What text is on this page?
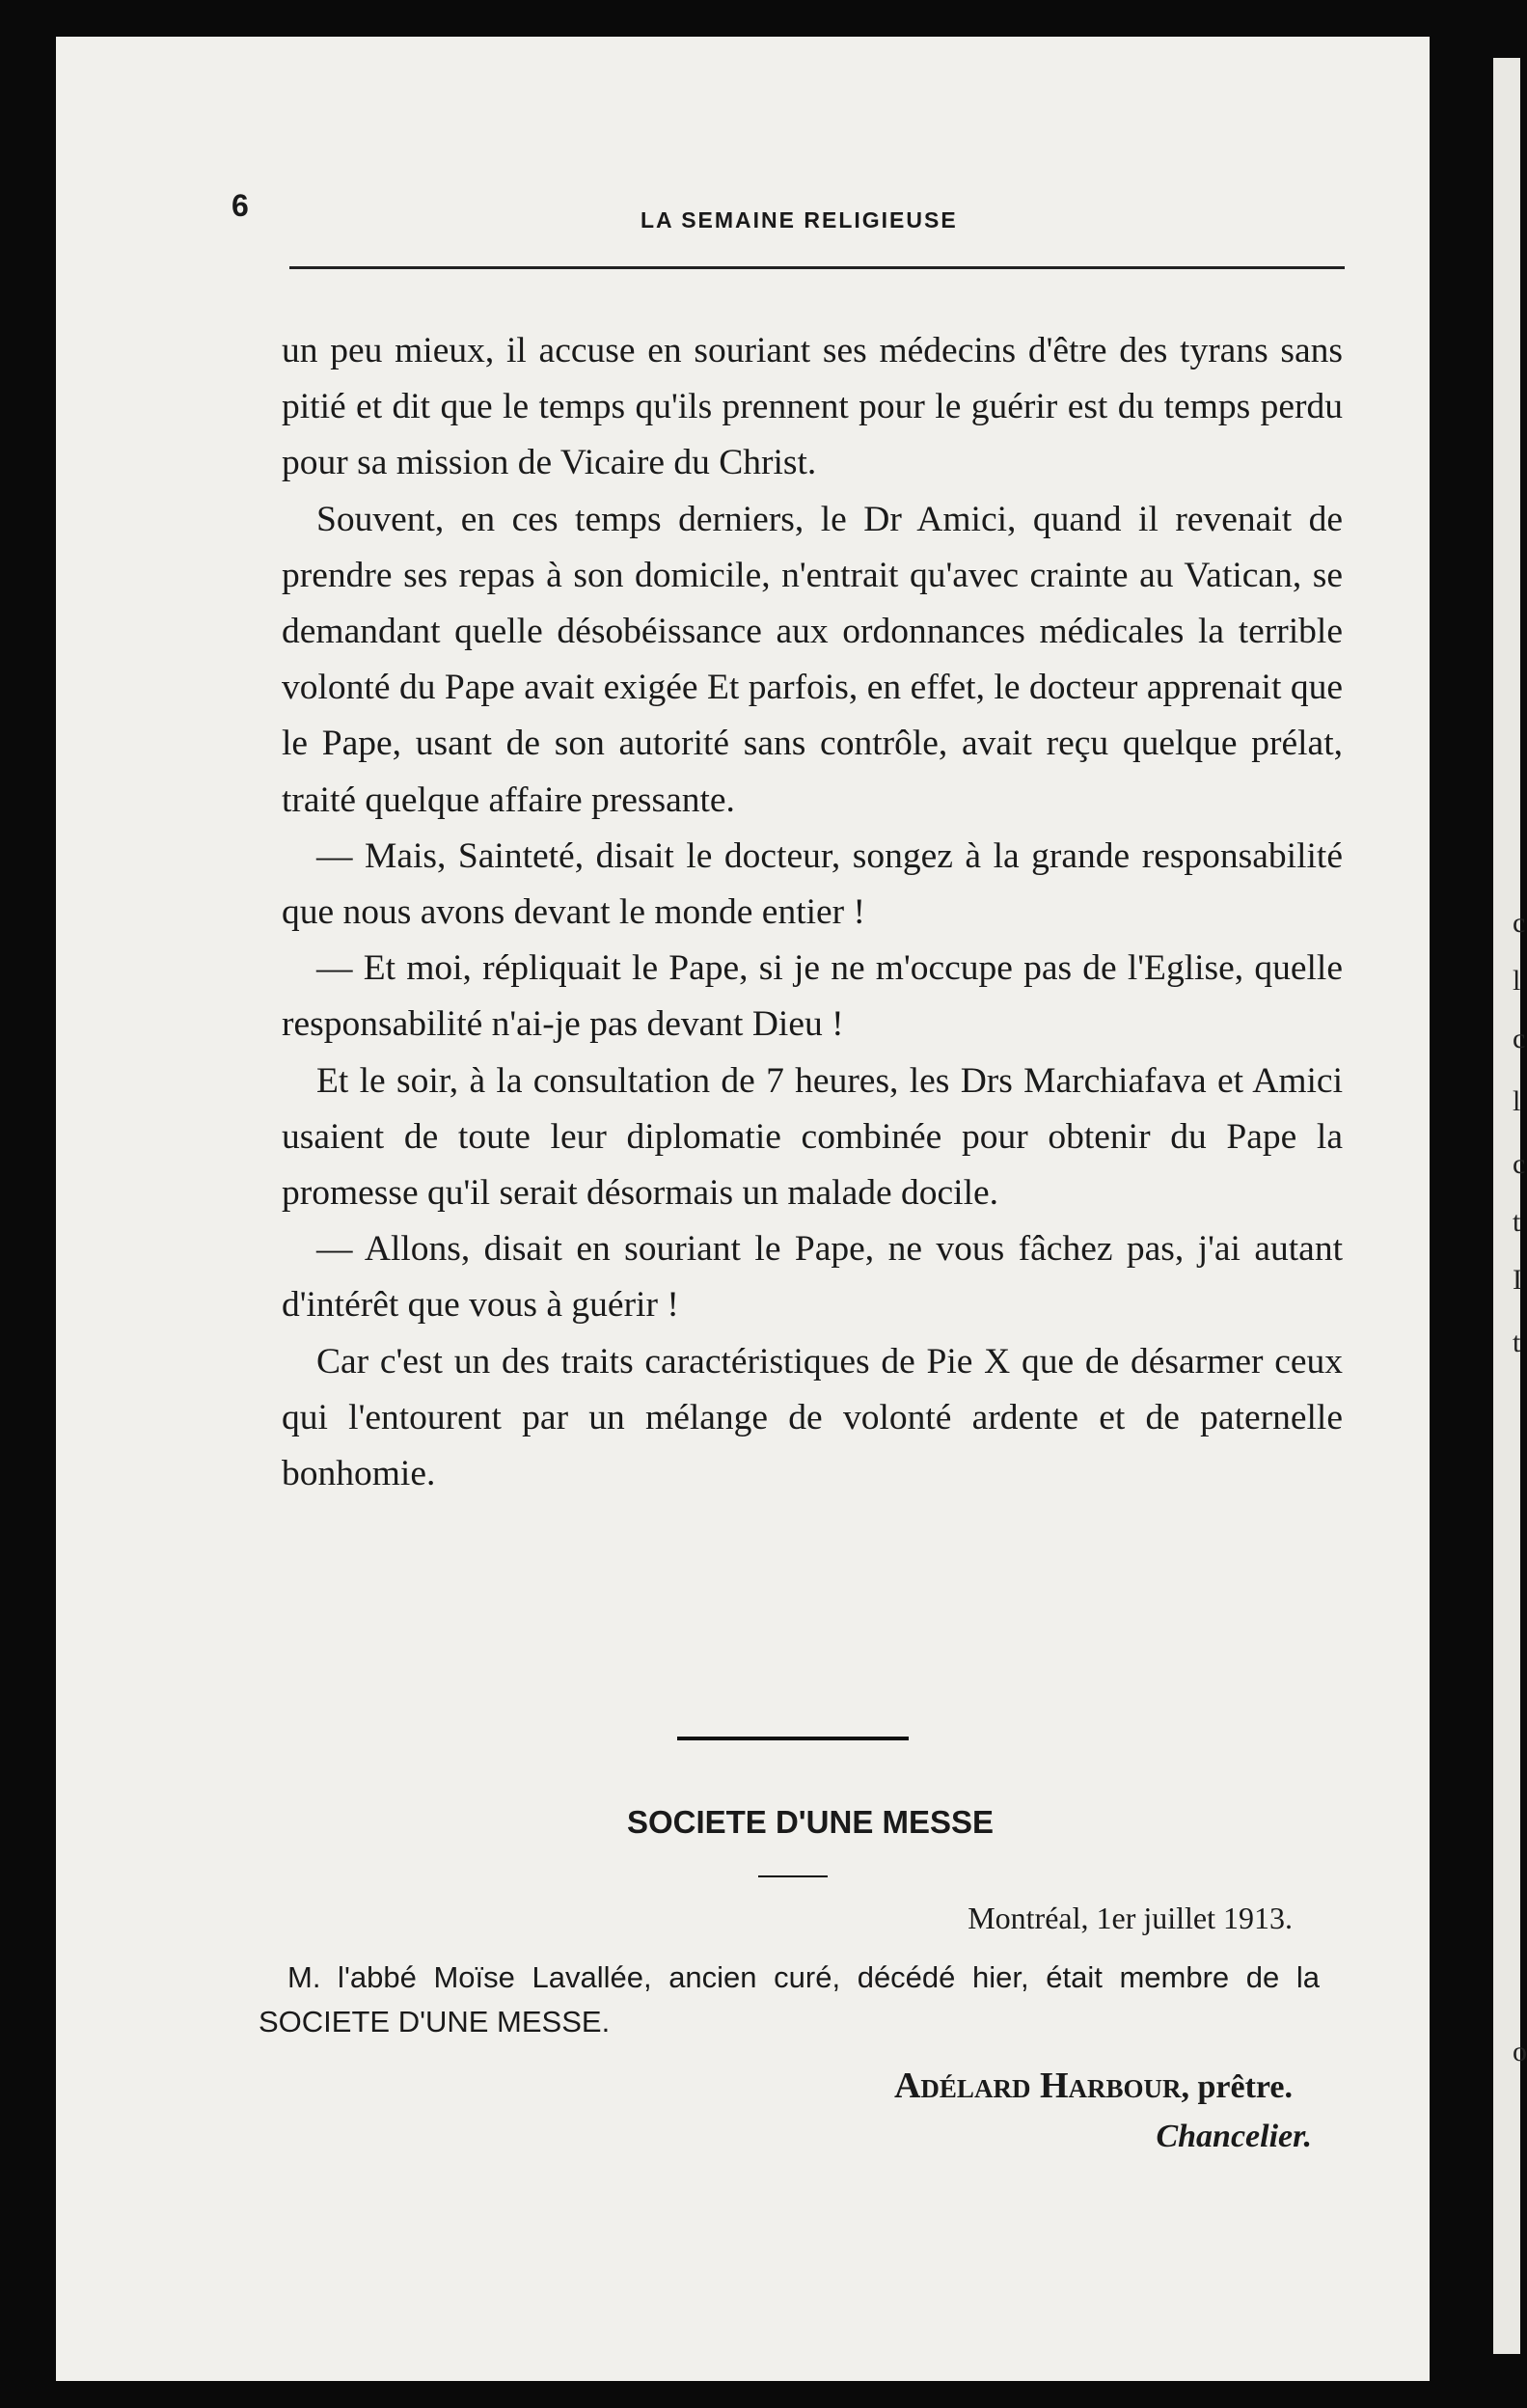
c
l
c
l
c
t
I
t
o
6	LA SEMAINE RELIGIEUSE

un peu mieux, il accuse en souriant ses médecins d'être des tyrans sans pitié et dit que le temps qu'ils prennent pour le guérir est du temps perdu pour sa mission de Vicaire du Christ.

Souvent, en ces temps derniers, le Dr Amici, quand il revenait de prendre ses repas à son domicile, n'entrait qu'avec crainte au Vatican, se demandant quelle désobéissance aux ordonnances médicales la terrible volonté du Pape avait exigée Et parfois, en effet, le docteur apprenait que le Pape, usant de son autorité sans contrôle, avait reçu quelque prélat, traité quelque affaire pressante.

— Mais, Sainteté, disait le docteur, songez à la grande responsabilité que nous avons devant le monde entier !

— Et moi, répliquait le Pape, si je ne m'occupe pas de l'Eglise, quelle responsabilité n'ai-je pas devant Dieu !

Et le soir, à la consultation de 7 heures, les Drs Marchiafava et Amici usaient de toute leur diplomatie combinée pour obtenir du Pape la promesse qu'il serait désormais un malade docile.

— Allons, disait en souriant le Pape, ne vous fâchez pas, j'ai autant d'intérêt que vous à guérir !

Car c'est un des traits caractéristiques de Pie X que de désarmer ceux qui l'entourent par un mélange de volonté ardente et de paternelle bonhomie.

SOCIETE D'UNE MESSE
Montréal, 1er juillet 1913.

M. l'abbé Moïse Lavallée, ancien curé, décédé hier, était membre de la SOCIETE D'UNE MESSE.

Adélard Harbour, prêtre.
Chancelier.
